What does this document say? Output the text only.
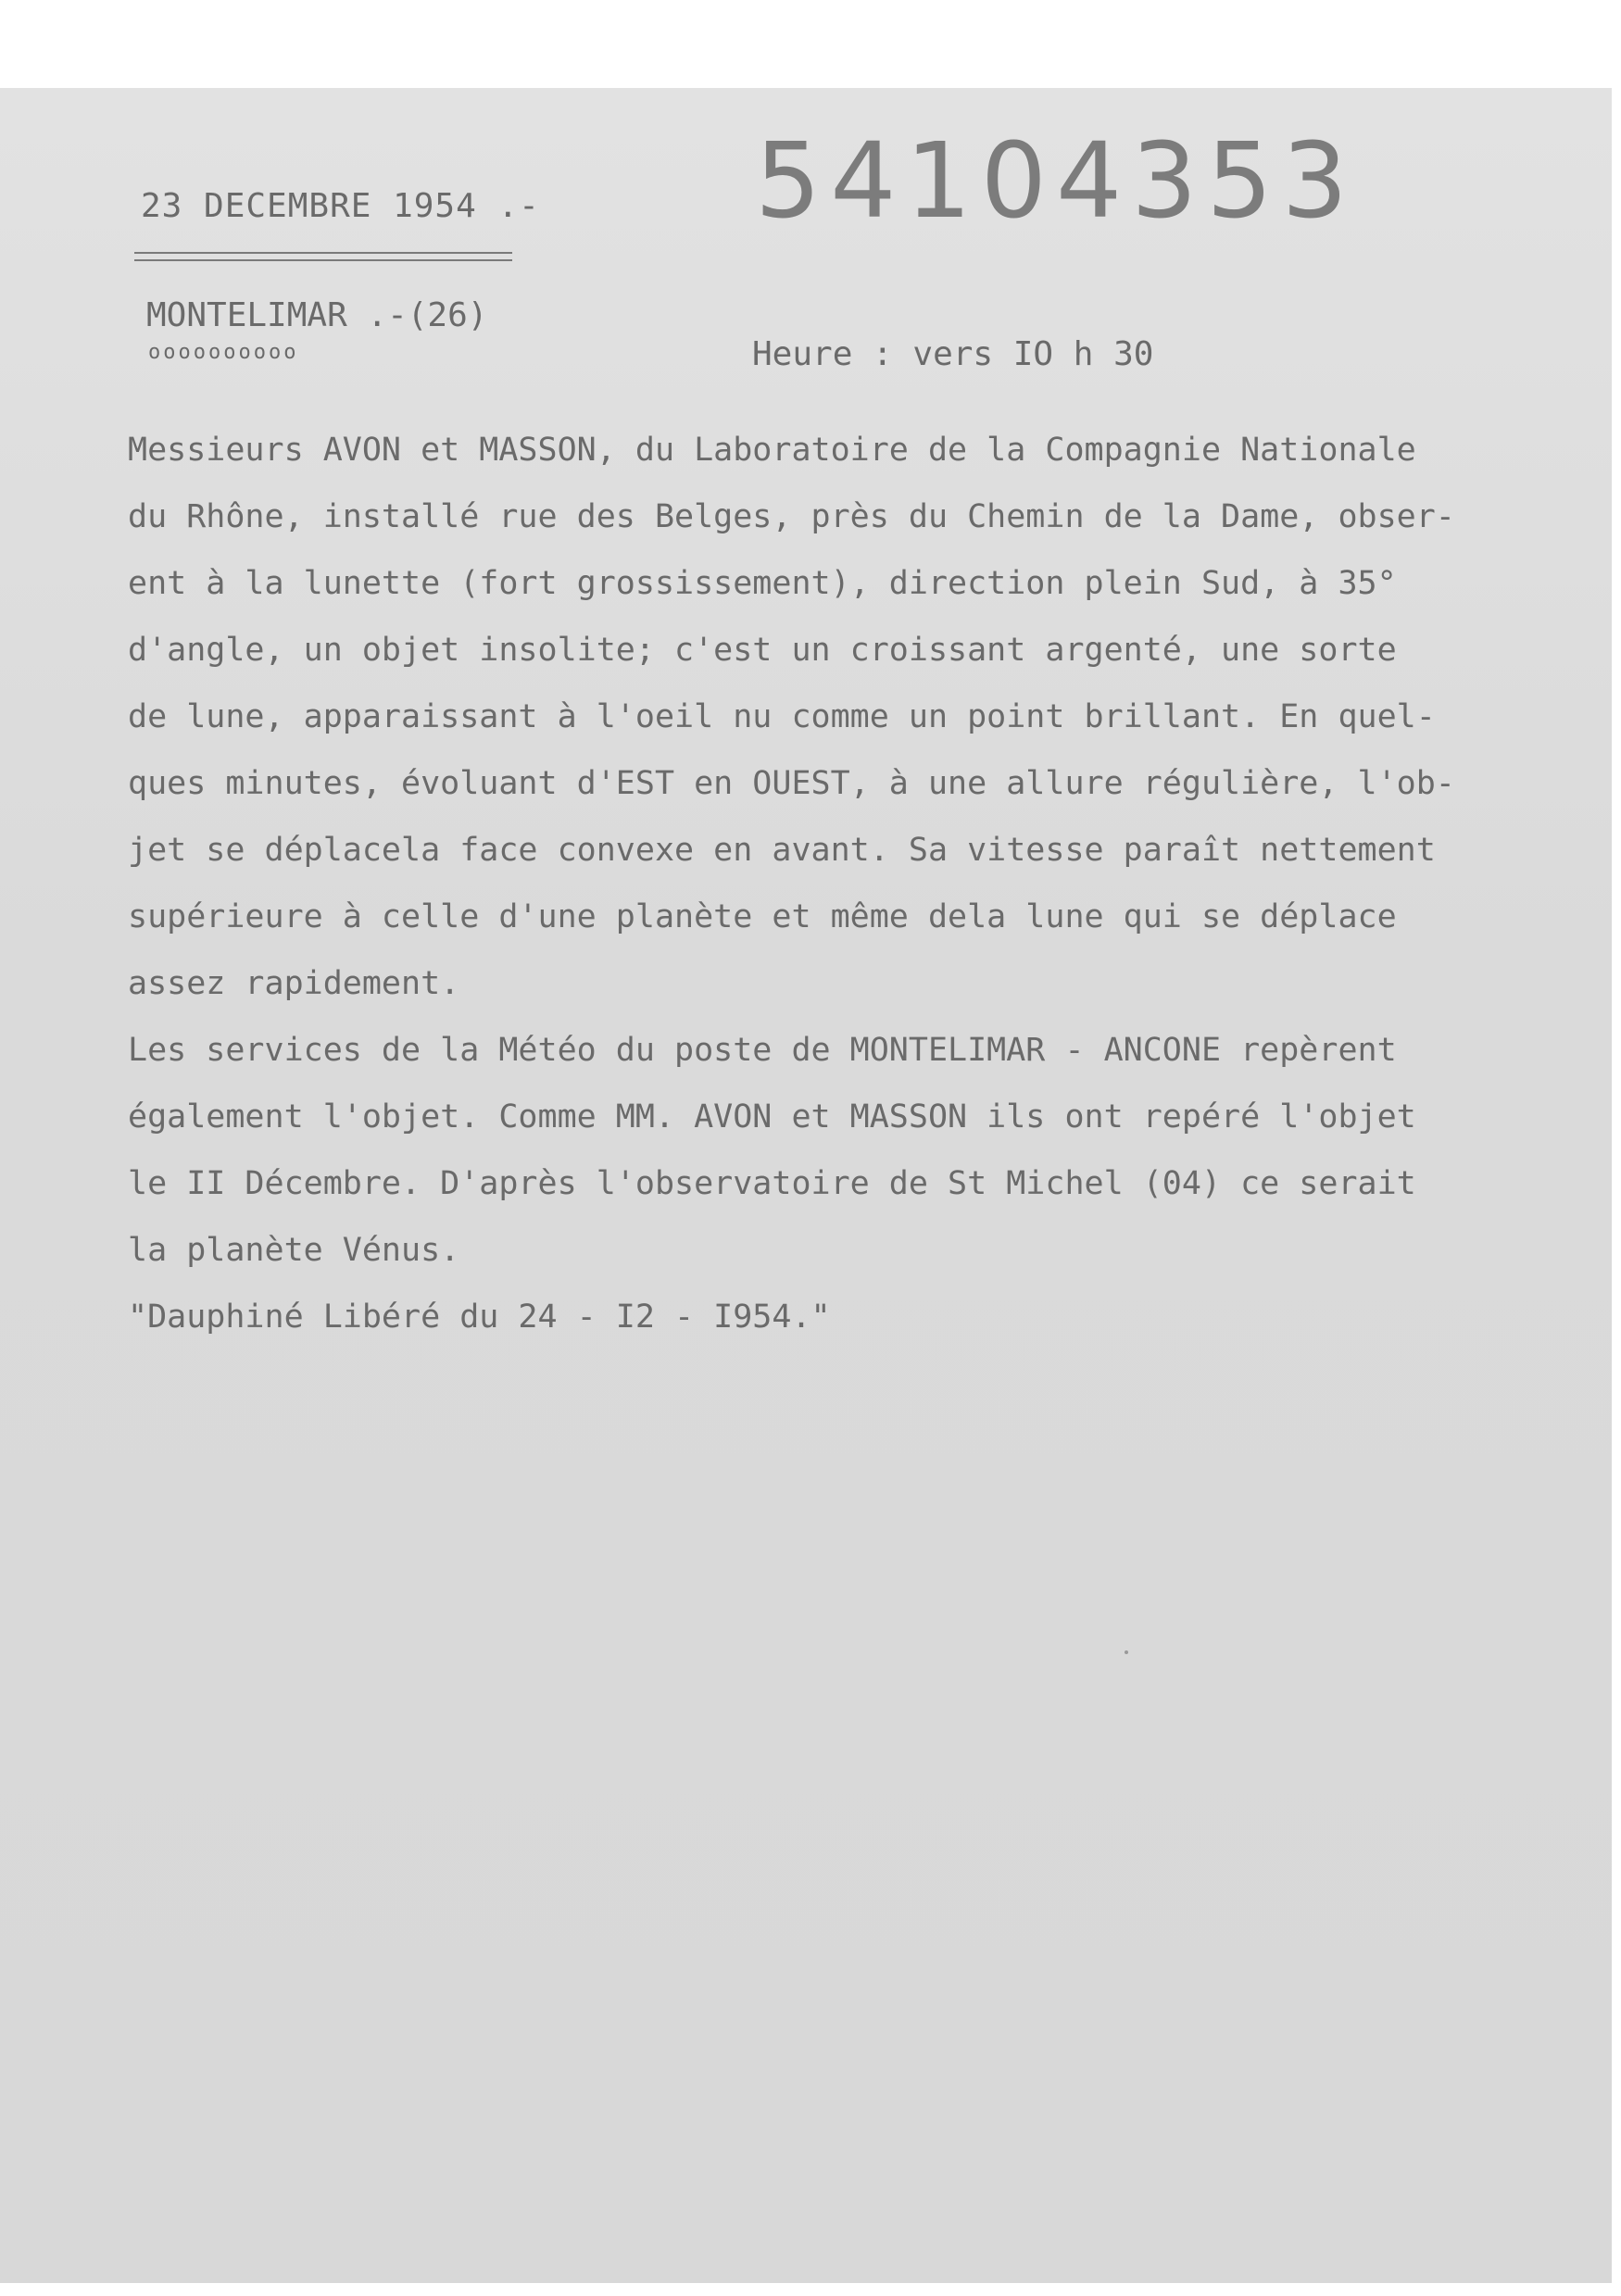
23 DECEMBRE 1954 .- 54104353
MONTELIMAR .-(26)
oooooooooo	Heure : vers IO h 30
Messieurs AVON et MASSON, du Laboratoire de la Compagnie Nationale
du Rhône, installé rue des Belges, près du Chemin de la Dame, obser-
ent à la lunette (fort grossissement), direction plein Sud, à 35°
d'angle, un objet insolite; c'est un croissant argenté, une sorte
de lune, apparaissant à l'oeil nu comme un point brillant. En quel-
ques minutes, évoluant d'EST en OUEST, à une allure régulière, l'ob-
jet se déplacela face convexe en avant. Sa vitesse paraît nettement
supérieure à celle d'une planète et même dela lune qui se déplace
assez rapidement.
Les services de la Météo du poste de MONTELIMAR - ANCONE repèrent
également l'objet. Comme MM. AVON et MASSON ils ont repéré l'objet
le II Décembre. D'après l'observatoire de St Michel (04) ce serait
la planète Vénus.
"Dauphiné Libéré du 24 - I2 - I954."
